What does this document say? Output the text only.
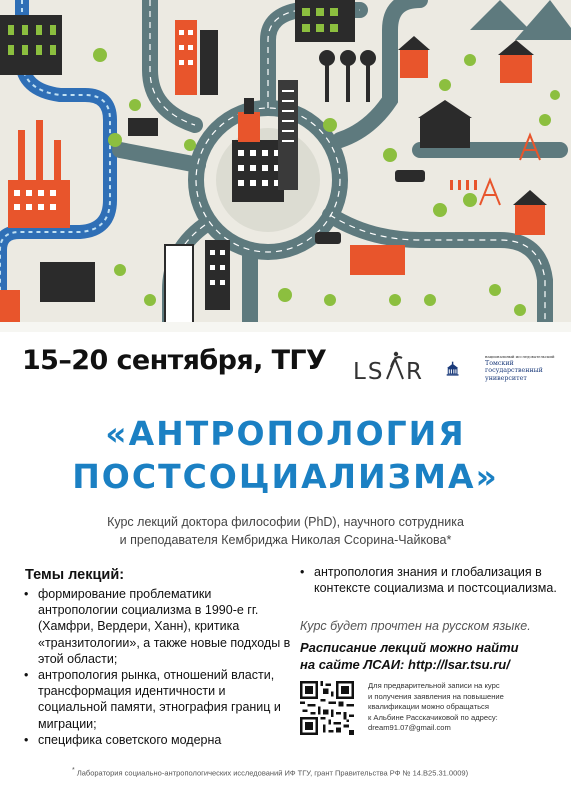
15–20 сентября, ТГУ LS R
национальный исследовательский
Томский государственный университет
«АНТРОПОЛОГИЯ
ПОСТСОЦИАЛИЗМА»
Курс лекций доктора философии (PhD), научного сотрудника
и преподавателя Кембриджа Николая Ссорина-Чайкова*
Темы лекций:
• формирование проблематики антропологии социализма в 1990-е гг. (Хамфри, Вердери, Ханн), критика «транзитологии», а также новые подходы в этой области;
• антропология рынка, отношений власти, трансформация идентичности и социальной памяти, этнография границ и миграции;
• специфика советского модерна
• антропология знания и глобализация в контексте социализма и постсоциализма.
Курс будет прочтен на русском языке.
Расписание лекций можно найти
на сайте ЛСАИ: http://lsar.tsu.ru/
Для предварительной записи на курс
и получения заявления на повышение
квалификации можно обращаться
к Альбине Расскачиковой по адресу:
dream91.07@gmail.com
* Лаборатория социально-антропологических исследований ИФ ТГУ, грант Правительства РФ № 14.В25.31.0009)
